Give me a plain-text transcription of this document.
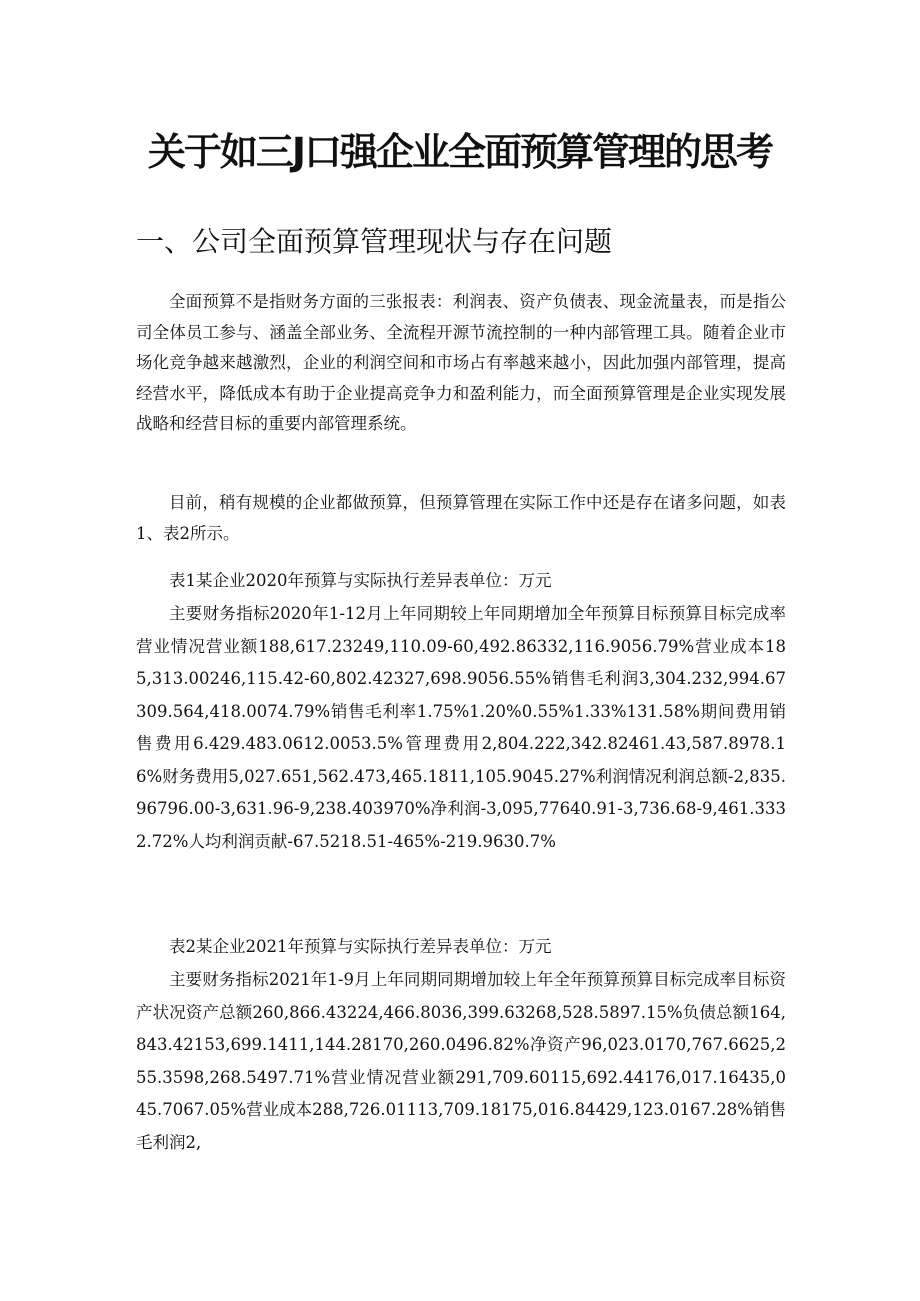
关于如三J口强企业全面预算管理的思考
一、公司全面预算管理现状与存在问题

全面预算不是指财务方面的三张报表：利润表、资产负债表、现金流量表，而是指公司全体员工参与、涵盖全部业务、全流程开源节流控制的一种内部管理工具。随着企业市场化竞争越来越激烈，企业的利润空间和市场占有率越来越小，因此加强内部管理，提高经营水平，降低成本有助于企业提高竞争力和盈利能力，而全面预算管理是企业实现发展战略和经营目标的重要内部管理系统。

目前，稍有规模的企业都做预算，但预算管理在实际工作中还是存在诸多问题，如表1、表2所示。

表1某企业2020年预算与实际执行差异表单位：万元

主要财务指标2020年1-12月上年同期较上年同期增加全年预算目标预算目标完成率营业情况营业额188,617.23249,110.09-60,492.86332,116.9056.79%营业成本185,313.00246,115.42-60,802.42327,698.9056.55%销售毛利润3,304.232,994.67309.564,418.0074.79%销售毛利率1.75%1.20%0.55%1.33%131.58%期间费用销售费用6.429.483.0612.0053.5%管理费用2,804.222,342.82461.43,587.8978.16%财务费用5,027.651,562.473,465.1811,105.9045.27%利润情况利润总额-2,835.96796.00-3,631.96-9,238.403970%净利润-3,095,77640.91-3,736.68-9,461.3332.72%人均利润贡献-67.5218.51-465%-219.9630.7%

表2某企业2021年预算与实际执行差异表单位：万元

主要财务指标2021年1-9月上年同期同期增加较上年全年预算预算目标完成率目标资产状况资产总额260,866.43224,466.8036,399.63268,528.5897.15%负债总额164,843.42153,699.1411,144.28170,260.0496.82%净资产96,023.0170,767.6625,255.3598,268.5497.71%营业情况营业额291,709.60115,692.44176,017.16435,045.7067.05%营业成本288,726.01113,709.18175,016.84429,123.0167.28%销售毛利润2,
